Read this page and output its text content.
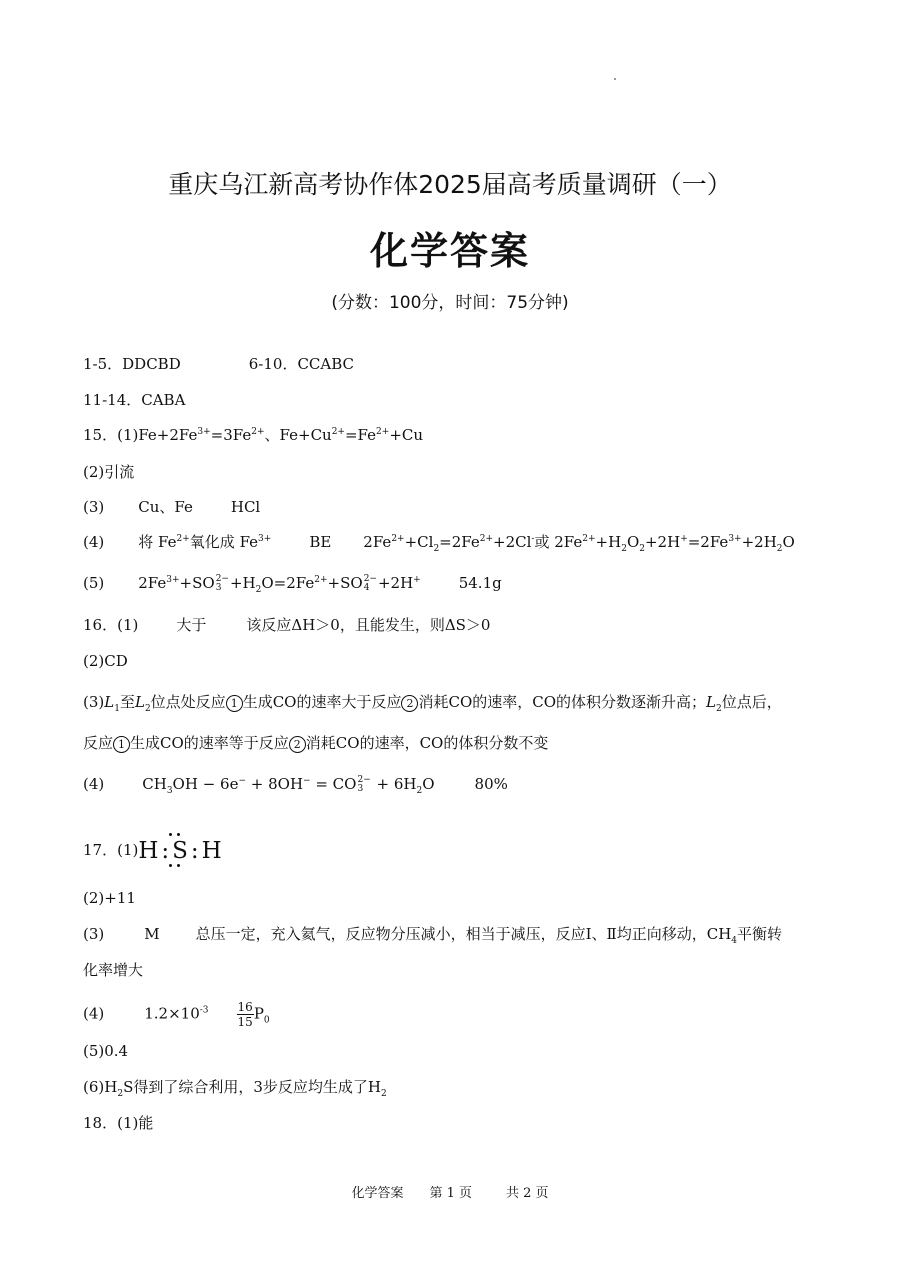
重庆乌江新高考协作体2025届高考质量调研（一）
化学答案
(分数：100分，时间：75分钟)
1-5．DDCBD	6-10．CCABC
11-14．CABA
15．$(1)Fe+2Fe^{3+}=3Fe^{2+}$、$Fe+Cu^{2+}=Fe^{2+}+Cu$
(2)引流
(3) Cu、Fe	HCl
(4) 将 $Fe^{2+}$氧化成 $Fe^{3+}$	BE $2Fe^{2+}+Cl_2=2Fe^{2+}+2Cl^-$或 $2Fe^{2+}+H_2O_2+2H^+=2Fe^{3+}+2H_2O$
(5) $2Fe^{3+}+SO2-$
$3 +H_2O=2Fe^{2+}+SO2-$
4 +2H+	54.1g
16．(1)	大于	该反应ΔH＞0，且能发生，则ΔS＞0
(2)CD
$(3)L_1$至$L_2$位点处反应 1 生成CO的速率大于反应 2 消耗CO的速率，CO的体积分数逐渐升高；$L_2$位点后，
反应 1 生成CO的速率等于反应 2 消耗CO的速率，CO的体积分数不变
(4)	$CH_3OH - 6e^- + 8OH^- = CO2-$
$3 + 6H_2O$	80%
17．(1)H : S : H
(2)+11
(3)	M 总压一定，充入氦气，反应物分压减小，相当于减压，反应Ⅰ、Ⅱ均正向移动，$CH_4$平衡转
化率增大
(4)	$1.2\times 10^{-3} \frac{16}{15} P_0$
(5)0.4
$(6)H_2S$得到了综合利用，3步反应均生成了$H_2$
18．(1)能
化学答案 第 1 页	共 2 页
